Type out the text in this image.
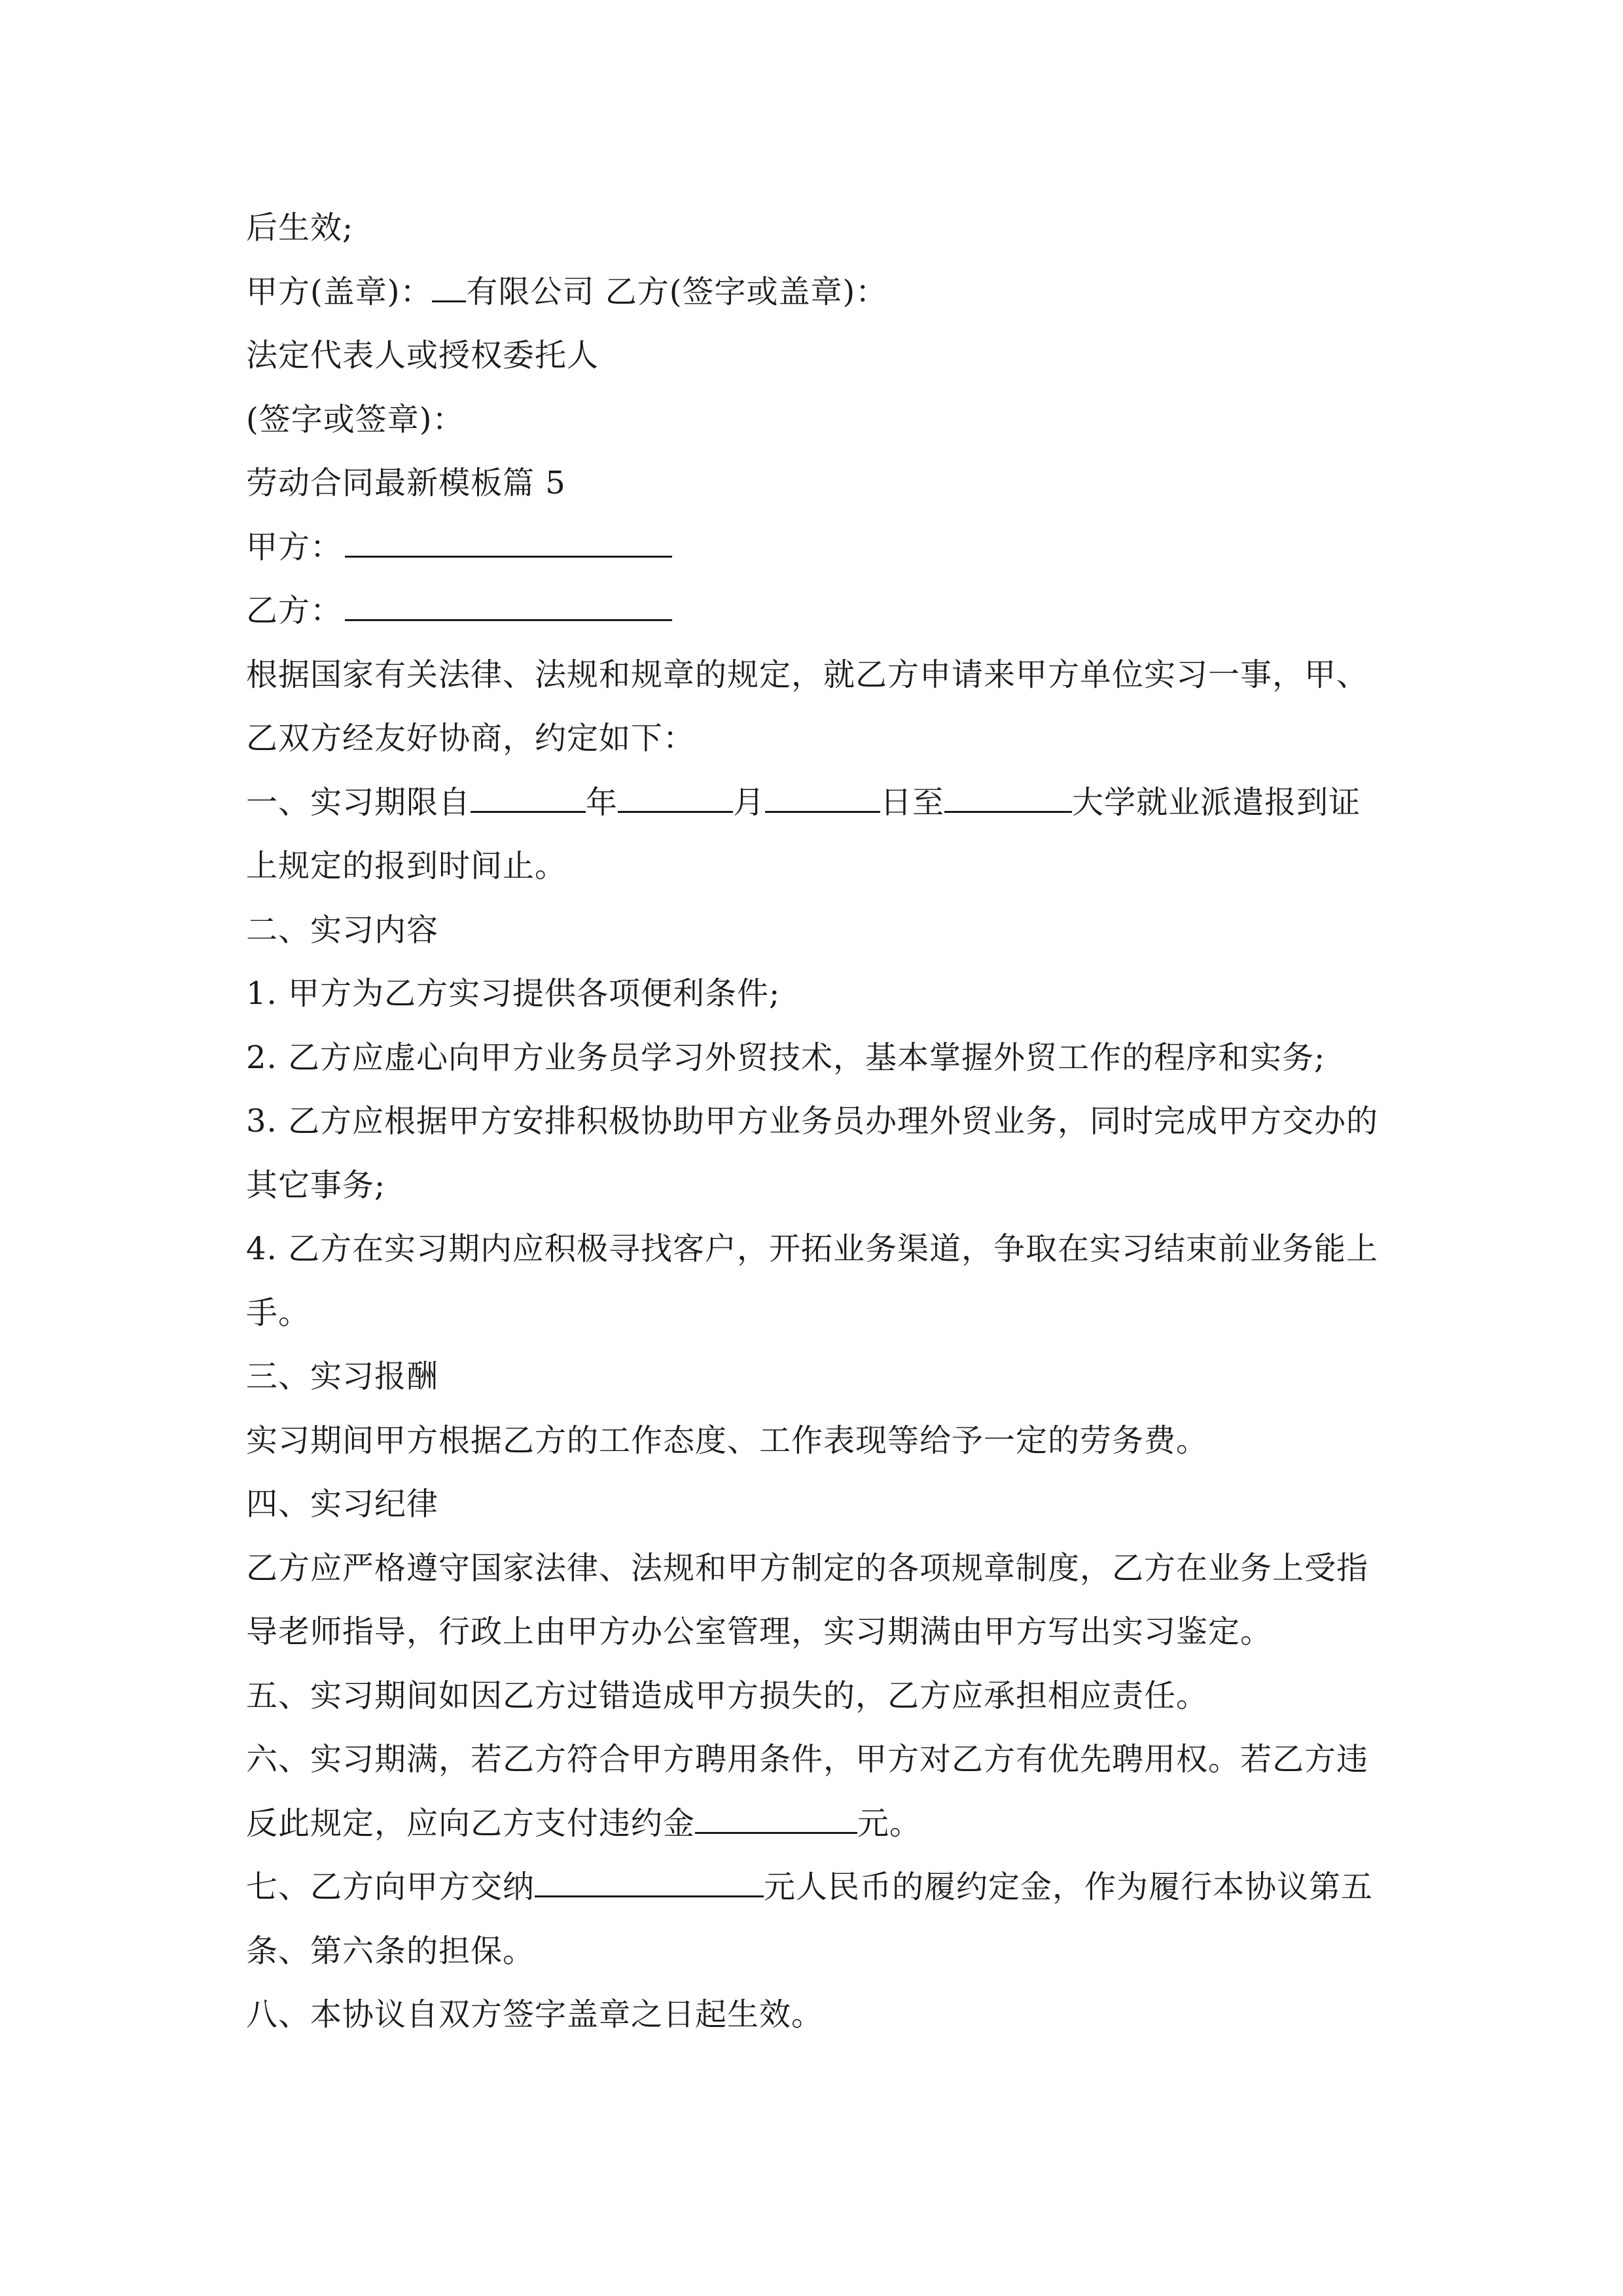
后生效;
甲方(盖章)： 有限公司 乙方(签字或盖章)：
法定代表人或授权委托人
(签字或签章)：
劳动合同最新模板篇 5
甲方：
乙方：
根据国家有关法律、法规和规章的规定，就乙方申请来甲方单位实习一事，甲、
乙双方经友好协商，约定如下：
一、实习期限自	年	月	日至	大学就业派遣报到证
上规定的报到时间止。
二、实习内容
1. 甲方为乙方实习提供各项便利条件;
2. 乙方应虚心向甲方业务员学习外贸技术，基本掌握外贸工作的程序和实务;
3. 乙方应根据甲方安排积极协助甲方业务员办理外贸业务，同时完成甲方交办的
其它事务;
4. 乙方在实习期内应积极寻找客户，开拓业务渠道，争取在实习结束前业务能上
手。
三、实习报酬
实习期间甲方根据乙方的工作态度、工作表现等给予一定的劳务费。
四、实习纪律
乙方应严格遵守国家法律、法规和甲方制定的各项规章制度，乙方在业务上受指
导老师指导，行政上由甲方办公室管理，实习期满由甲方写出实习鉴定。
五、实习期间如因乙方过错造成甲方损失的，乙方应承担相应责任。
六、实习期满，若乙方符合甲方聘用条件，甲方对乙方有优先聘用权。若乙方违
反此规定，应向乙方支付违约金	元。
七、乙方向甲方交纳	元人民币的履约定金，作为履行本协议第五
条、第六条的担保。
八、本协议自双方签字盖章之日起生效。
